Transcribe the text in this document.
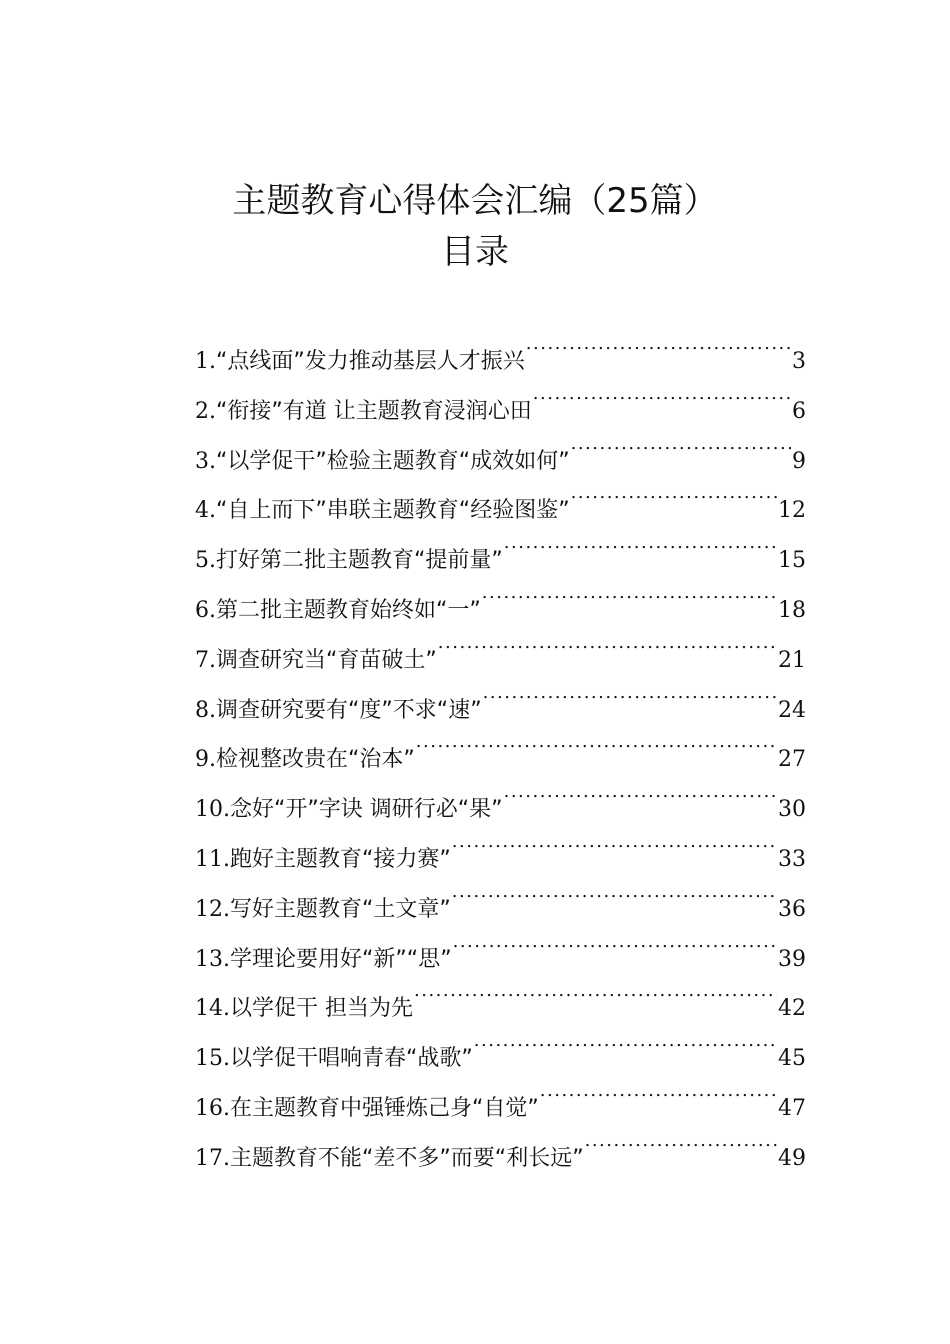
主题教育心得体会汇编（25篇）
目录
1. “点线面”发力推动基层人才振兴 .....	3
2. “衔接”有道 让主题教育浸润心田 .....	6
3. “以学促干”检验主题教育“成效如何” .....	9
4. “自上而下”串联主题教育“经验图鉴” .....	12
5. 打好第二批主题教育“提前量” .....	15
6. 第二批主题教育始终如“一” .....	18
7. 调查研究当“育苗破土” .....	21
8. 调查研究要有“度”不求“速” .....	24
9. 检视整改贵在“治本” .....	27
10. 念好“开”字诀 调研行必“果” .....	30
11. 跑好主题教育“接力赛” .....	33
12. 写好主题教育“土文章” .....	36
13. 学理论要用好“新”“思” .....	39
14. 以学促干 担当为先 .....	42
15. 以学促干唱响青春“战歌” .....	45
16. 在主题教育中强锤炼己身“自觉” .....	47
17. 主题教育不能“差不多”而要“利长远” .....	49
